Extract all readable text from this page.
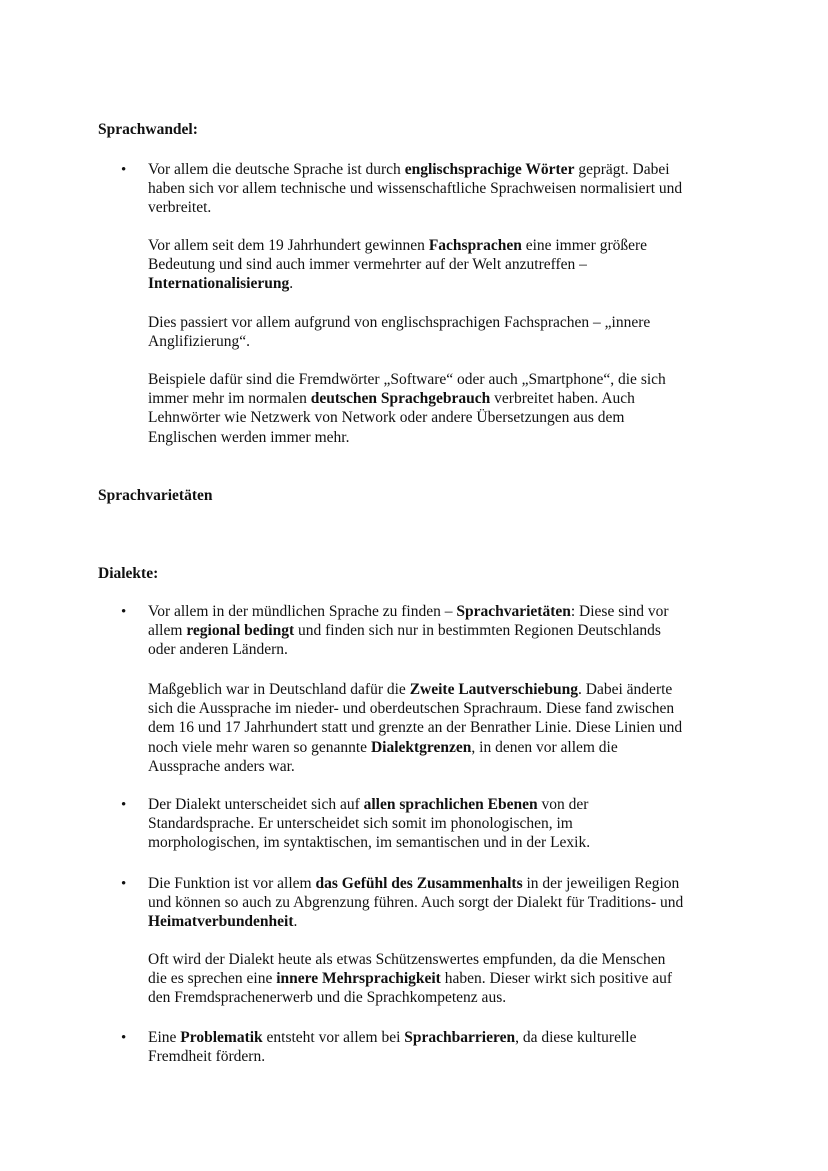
Sprachwandel:
• Vor allem die deutsche Sprache ist durch englischsprachige Wörter geprägt. Dabei
haben sich vor allem technische und wissenschaftliche Sprachweisen normalisiert und
verbreitet.

Vor allem seit dem 19 Jahrhundert gewinnen Fachsprachen eine immer größere
Bedeutung und sind auch immer vermehrter auf der Welt anzutreffen –
Internationalisierung.

Dies passiert vor allem aufgrund von englischsprachigen Fachsprachen – „innere
Anglifizierung“.

Beispiele dafür sind die Fremdwörter „Software“ oder auch „Smartphone“, die sich
immer mehr im normalen deutschen Sprachgebrauch verbreitet haben. Auch
Lehnwörter wie Netzwerk von Network oder andere Übersetzungen aus dem
Englischen werden immer mehr.

Sprachvarietäten
Dialekte:
• Vor allem in der mündlichen Sprache zu finden – Sprachvarietäten: Diese sind vor
allem regional bedingt und finden sich nur in bestimmten Regionen Deutschlands
oder anderen Ländern.

Maßgeblich war in Deutschland dafür die Zweite Lautverschiebung. Dabei änderte
sich die Aussprache im nieder- und oberdeutschen Sprachraum. Diese fand zwischen
dem 16 und 17 Jahrhundert statt und grenzte an der Benrather Linie. Diese Linien und
noch viele mehr waren so genannte Dialektgrenzen, in denen vor allem die
Aussprache anders war.

• Der Dialekt unterscheidet sich auf allen sprachlichen Ebenen von der
Standardsprache. Er unterscheidet sich somit im phonologischen, im
morphologischen, im syntaktischen, im semantischen und in der Lexik.

• Die Funktion ist vor allem das Gefühl des Zusammenhalts in der jeweiligen Region
und können so auch zu Abgrenzung führen. Auch sorgt der Dialekt für Traditions- und
Heimatverbundenheit.

Oft wird der Dialekt heute als etwas Schützenswertes empfunden, da die Menschen
die es sprechen eine innere Mehrsprachigkeit haben. Dieser wirkt sich positive auf
den Fremdsprachenerwerb und die Sprachkompetenz aus.

• Eine Problematik entsteht vor allem bei Sprachbarrieren, da diese kulturelle
Fremdheit fördern.
